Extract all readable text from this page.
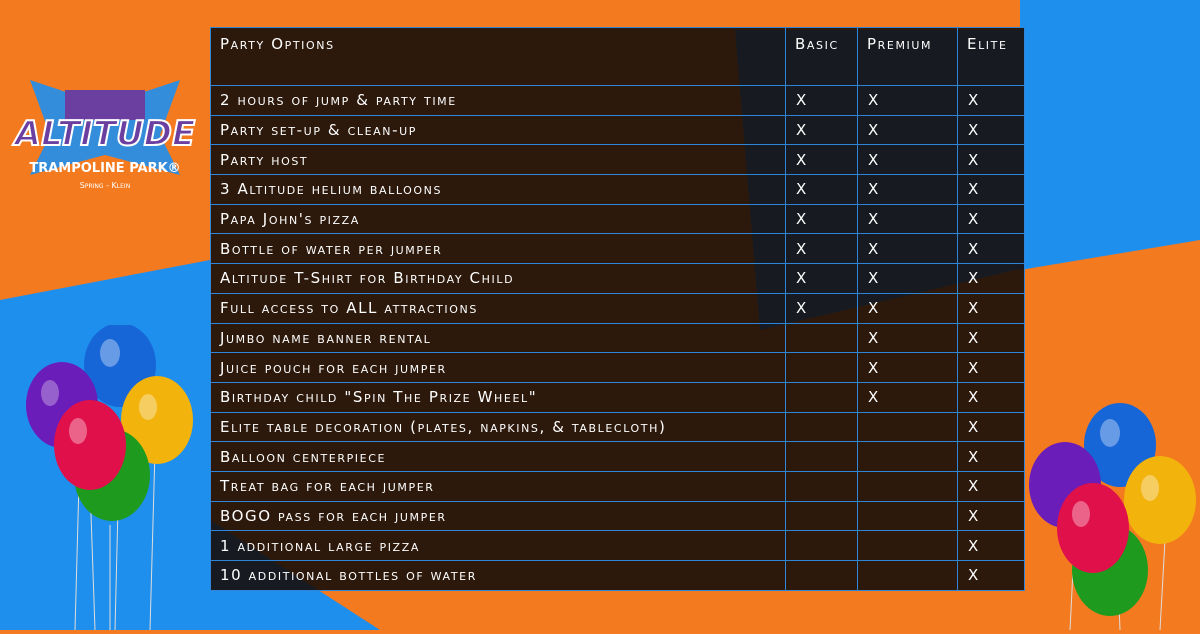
ALTITUDE
TRAMPOLINE PARK®
Spring - Klein
Party Options	Basic	Premium	Elite
2 hours of jump & party time	X	X	X
Party set-up & clean-up	X	X	X
Party host	X	X	X
3 Altitude helium balloons	X	X	X
Papa John's pizza	X	X	X
Bottle of water per jumper	X	X	X
Altitude T-Shirt for Birthday Child	X	X	X
Full access to ALL attractions	X	X	X
Jumbo name banner rental		X	X
Juice pouch for each jumper		X	X
Birthday child "Spin The Prize Wheel"		X	X
Elite table decoration (plates, napkins, & tablecloth)			X
Balloon centerpiece			X
Treat bag for each jumper			X
BOGO pass for each jumper			X
1 additional large pizza			X
10 additional bottles of water			X
